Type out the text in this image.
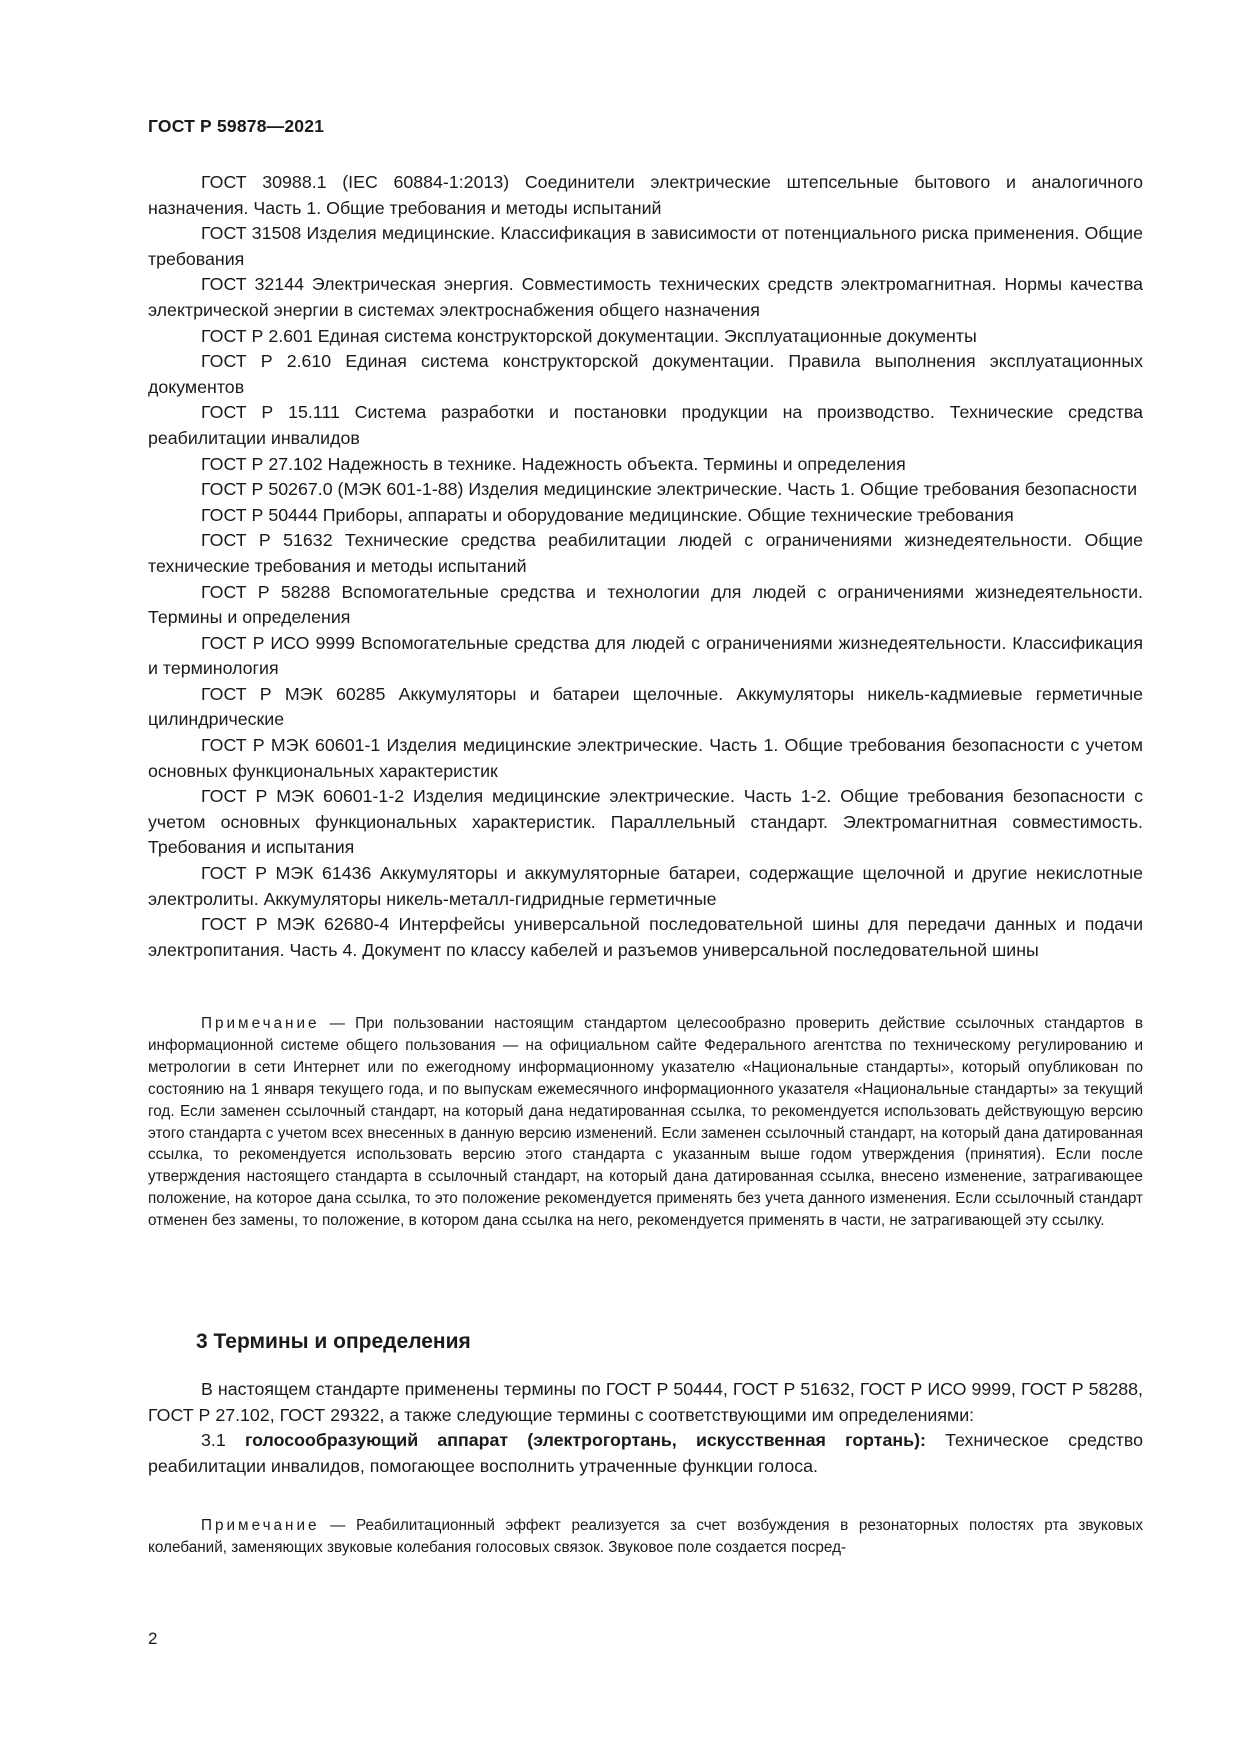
ГОСТ Р 59878—2021

ГОСТ 30988.1 (IEC 60884-1:2013) Соединители электрические штепсельные бытового и аналогичного назначения. Часть 1. Общие требования и методы испытаний

ГОСТ 31508 Изделия медицинские. Классификация в зависимости от потенциального риска применения. Общие требования

ГОСТ 32144 Электрическая энергия. Совместимость технических средств электромагнитная. Нормы качества электрической энергии в системах электроснабжения общего назначения

ГОСТ Р 2.601 Единая система конструкторской документации. Эксплуатационные документы

ГОСТ Р 2.610 Единая система конструкторской документации. Правила выполнения эксплуатационных документов

ГОСТ Р 15.111 Система разработки и постановки продукции на производство. Технические средства реабилитации инвалидов

ГОСТ Р 27.102 Надежность в технике. Надежность объекта. Термины и определения

ГОСТ Р 50267.0 (МЭК 601-1-88) Изделия медицинские электрические. Часть 1. Общие требования безопасности

ГОСТ Р 50444 Приборы, аппараты и оборудование медицинские. Общие технические требования

ГОСТ Р 51632 Технические средства реабилитации людей с ограничениями жизнедеятельности. Общие технические требования и методы испытаний

ГОСТ Р 58288 Вспомогательные средства и технологии для людей с ограничениями жизнедеятельности. Термины и определения

ГОСТ Р ИСО 9999 Вспомогательные средства для людей с ограничениями жизнедеятельности. Классификация и терминология

ГОСТ Р МЭК 60285 Аккумуляторы и батареи щелочные. Аккумуляторы никель-кадмиевые герметичные цилиндрические

ГОСТ Р МЭК 60601-1 Изделия медицинские электрические. Часть 1. Общие требования безопасности с учетом основных функциональных характеристик

ГОСТ Р МЭК 60601-1-2 Изделия медицинские электрические. Часть 1-2. Общие требования безопасности с учетом основных функциональных характеристик. Параллельный стандарт. Электромагнитная совместимость. Требования и испытания

ГОСТ Р МЭК 61436 Аккумуляторы и аккумуляторные батареи, содержащие щелочной и другие некислотные электролиты. Аккумуляторы никель-металл-гидридные герметичные

ГОСТ Р МЭК 62680-4 Интерфейсы универсальной последовательной шины для передачи данных и подачи электропитания. Часть 4. Документ по классу кабелей и разъемов универсальной последовательной шины

Примечание — При пользовании настоящим стандартом целесообразно проверить действие ссылочных стандартов в информационной системе общего пользования — на официальном сайте Федерального агентства по техническому регулированию и метрологии в сети Интернет или по ежегодному информационному указателю «Национальные стандарты», который опубликован по состоянию на 1 января текущего года, и по выпускам ежемесячного информационного указателя «Национальные стандарты» за текущий год. Если заменен ссылочный стандарт, на который дана недатированная ссылка, то рекомендуется использовать действующую версию этого стандарта с учетом всех внесенных в данную версию изменений. Если заменен ссылочный стандарт, на который дана датированная ссылка, то рекомендуется использовать версию этого стандарта с указанным выше годом утверждения (принятия). Если после утверждения настоящего стандарта в ссылочный стандарт, на который дана датированная ссылка, внесено изменение, затрагивающее положение, на которое дана ссылка, то это положение рекомендуется применять без учета данного изменения. Если ссылочный стандарт отменен без замены, то положение, в котором дана ссылка на него, рекомендуется применять в части, не затрагивающей эту ссылку.

3 Термины и определения

В настоящем стандарте применены термины по ГОСТ Р 50444, ГОСТ Р 51632, ГОСТ Р ИСО 9999, ГОСТ Р 58288, ГОСТ Р 27.102, ГОСТ 29322, а также следующие термины с соответствующими им определениями:

3.1 голосообразующий аппарат (электрогортань, искусственная гортань): Техническое средство реабилитации инвалидов, помогающее восполнить утраченные функции голоса.

Примечание — Реабилитационный эффект реализуется за счет возбуждения в резонаторных полостях рта звуковых колебаний, заменяющих звуковые колебания голосовых связок. Звуковое поле создается посред-

2
